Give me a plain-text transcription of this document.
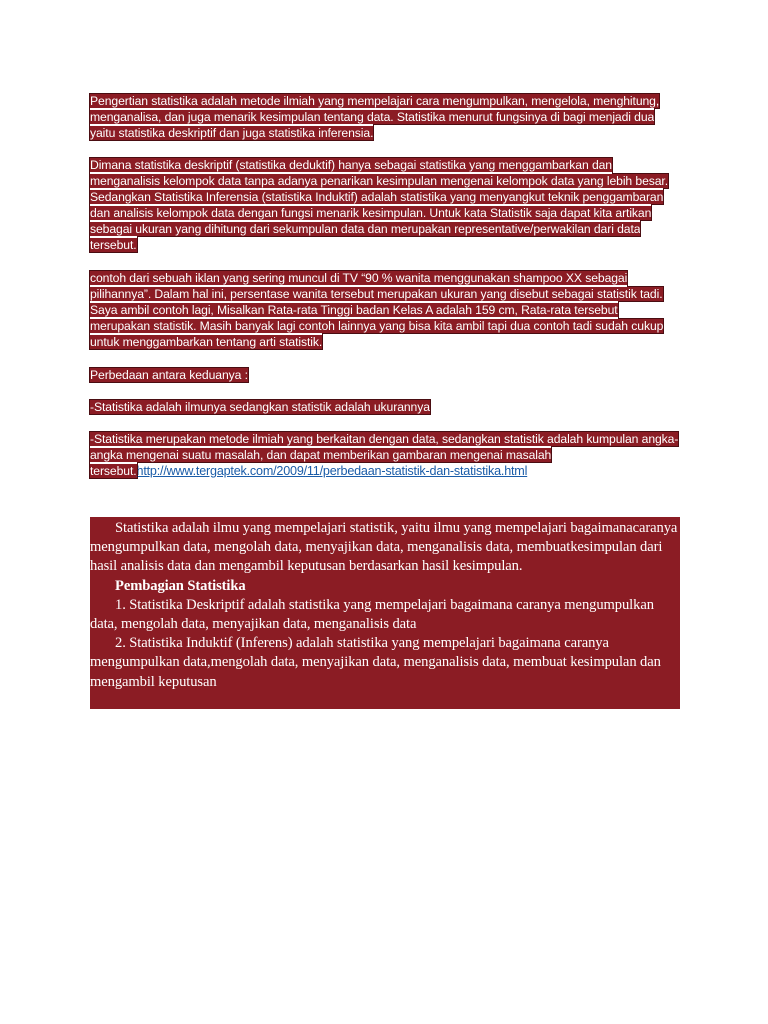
Pengertian statistika adalah metode ilmiah yang mempelajari cara mengumpulkan, mengelola, menghitung, menganalisa, dan juga menarik kesimpulan tentang data. Statistika menurut fungsinya di bagi menjadi dua yaitu statistika deskriptif dan juga statistika inferensia.

Dimana statistika deskriptif (statistika deduktif) hanya sebagai statistika yang menggambarkan dan menganalisis kelompok data tanpa adanya penarikan kesimpulan mengenai kelompok data yang lebih besar. Sedangkan Statistika Inferensia (statistika Induktif) adalah statistika yang menyangkut teknik penggambaran dan analisis kelompok data dengan fungsi menarik kesimpulan. Untuk kata Statistik saja dapat kita artikan sebagai ukuran yang dihitung dari sekumpulan data dan merupakan representative/perwakilan dari data tersebut.

contoh dari sebuah iklan yang sering muncul di TV “90 % wanita menggunakan shampoo XX sebagai pilihannya”. Dalam hal ini, persentase wanita tersebut merupakan ukuran yang disebut sebagai statistik tadi. Saya ambil contoh lagi, Misalkan Rata-rata Tinggi badan Kelas A adalah 159 cm, Rata-rata tersebut merupakan statistik. Masih banyak lagi contoh lainnya yang bisa kita ambil tapi dua contoh tadi sudah cukup untuk menggambarkan tentang arti statistik.

Perbedaan antara keduanya :

-Statistika adalah ilmunya sedangkan statistik adalah ukurannya

-Statistika merupakan metode ilmiah yang berkaitan dengan data, sedangkan statistik adalah kumpulan angka-angka mengenai suatu masalah, dan dapat memberikan gambaran mengenai masalah tersebut.http://www.tergaptek.com/2009/11/perbedaan-statistik-dan-statistika.html

Statistika adalah ilmu yang mempelajari statistik, yaitu ilmu yang mempelajari bagaimanacaranya mengumpulkan data, mengolah data, menyajikan data, menganalisis data, membuatkesimpulan dari hasil analisis data dan mengambil keputusan berdasarkan hasil kesimpulan.

Pembagian Statistika

1. Statistika Deskriptif adalah statistika yang mempelajari bagaimana caranya mengumpulkan data, mengolah data, menyajikan data, menganalisis data

2. Statistika Induktif (Inferens) adalah statistika yang mempelajari bagaimana caranya mengumpulkan data,mengolah data, menyajikan data, menganalisis data, membuat kesimpulan dan mengambil keputusan
